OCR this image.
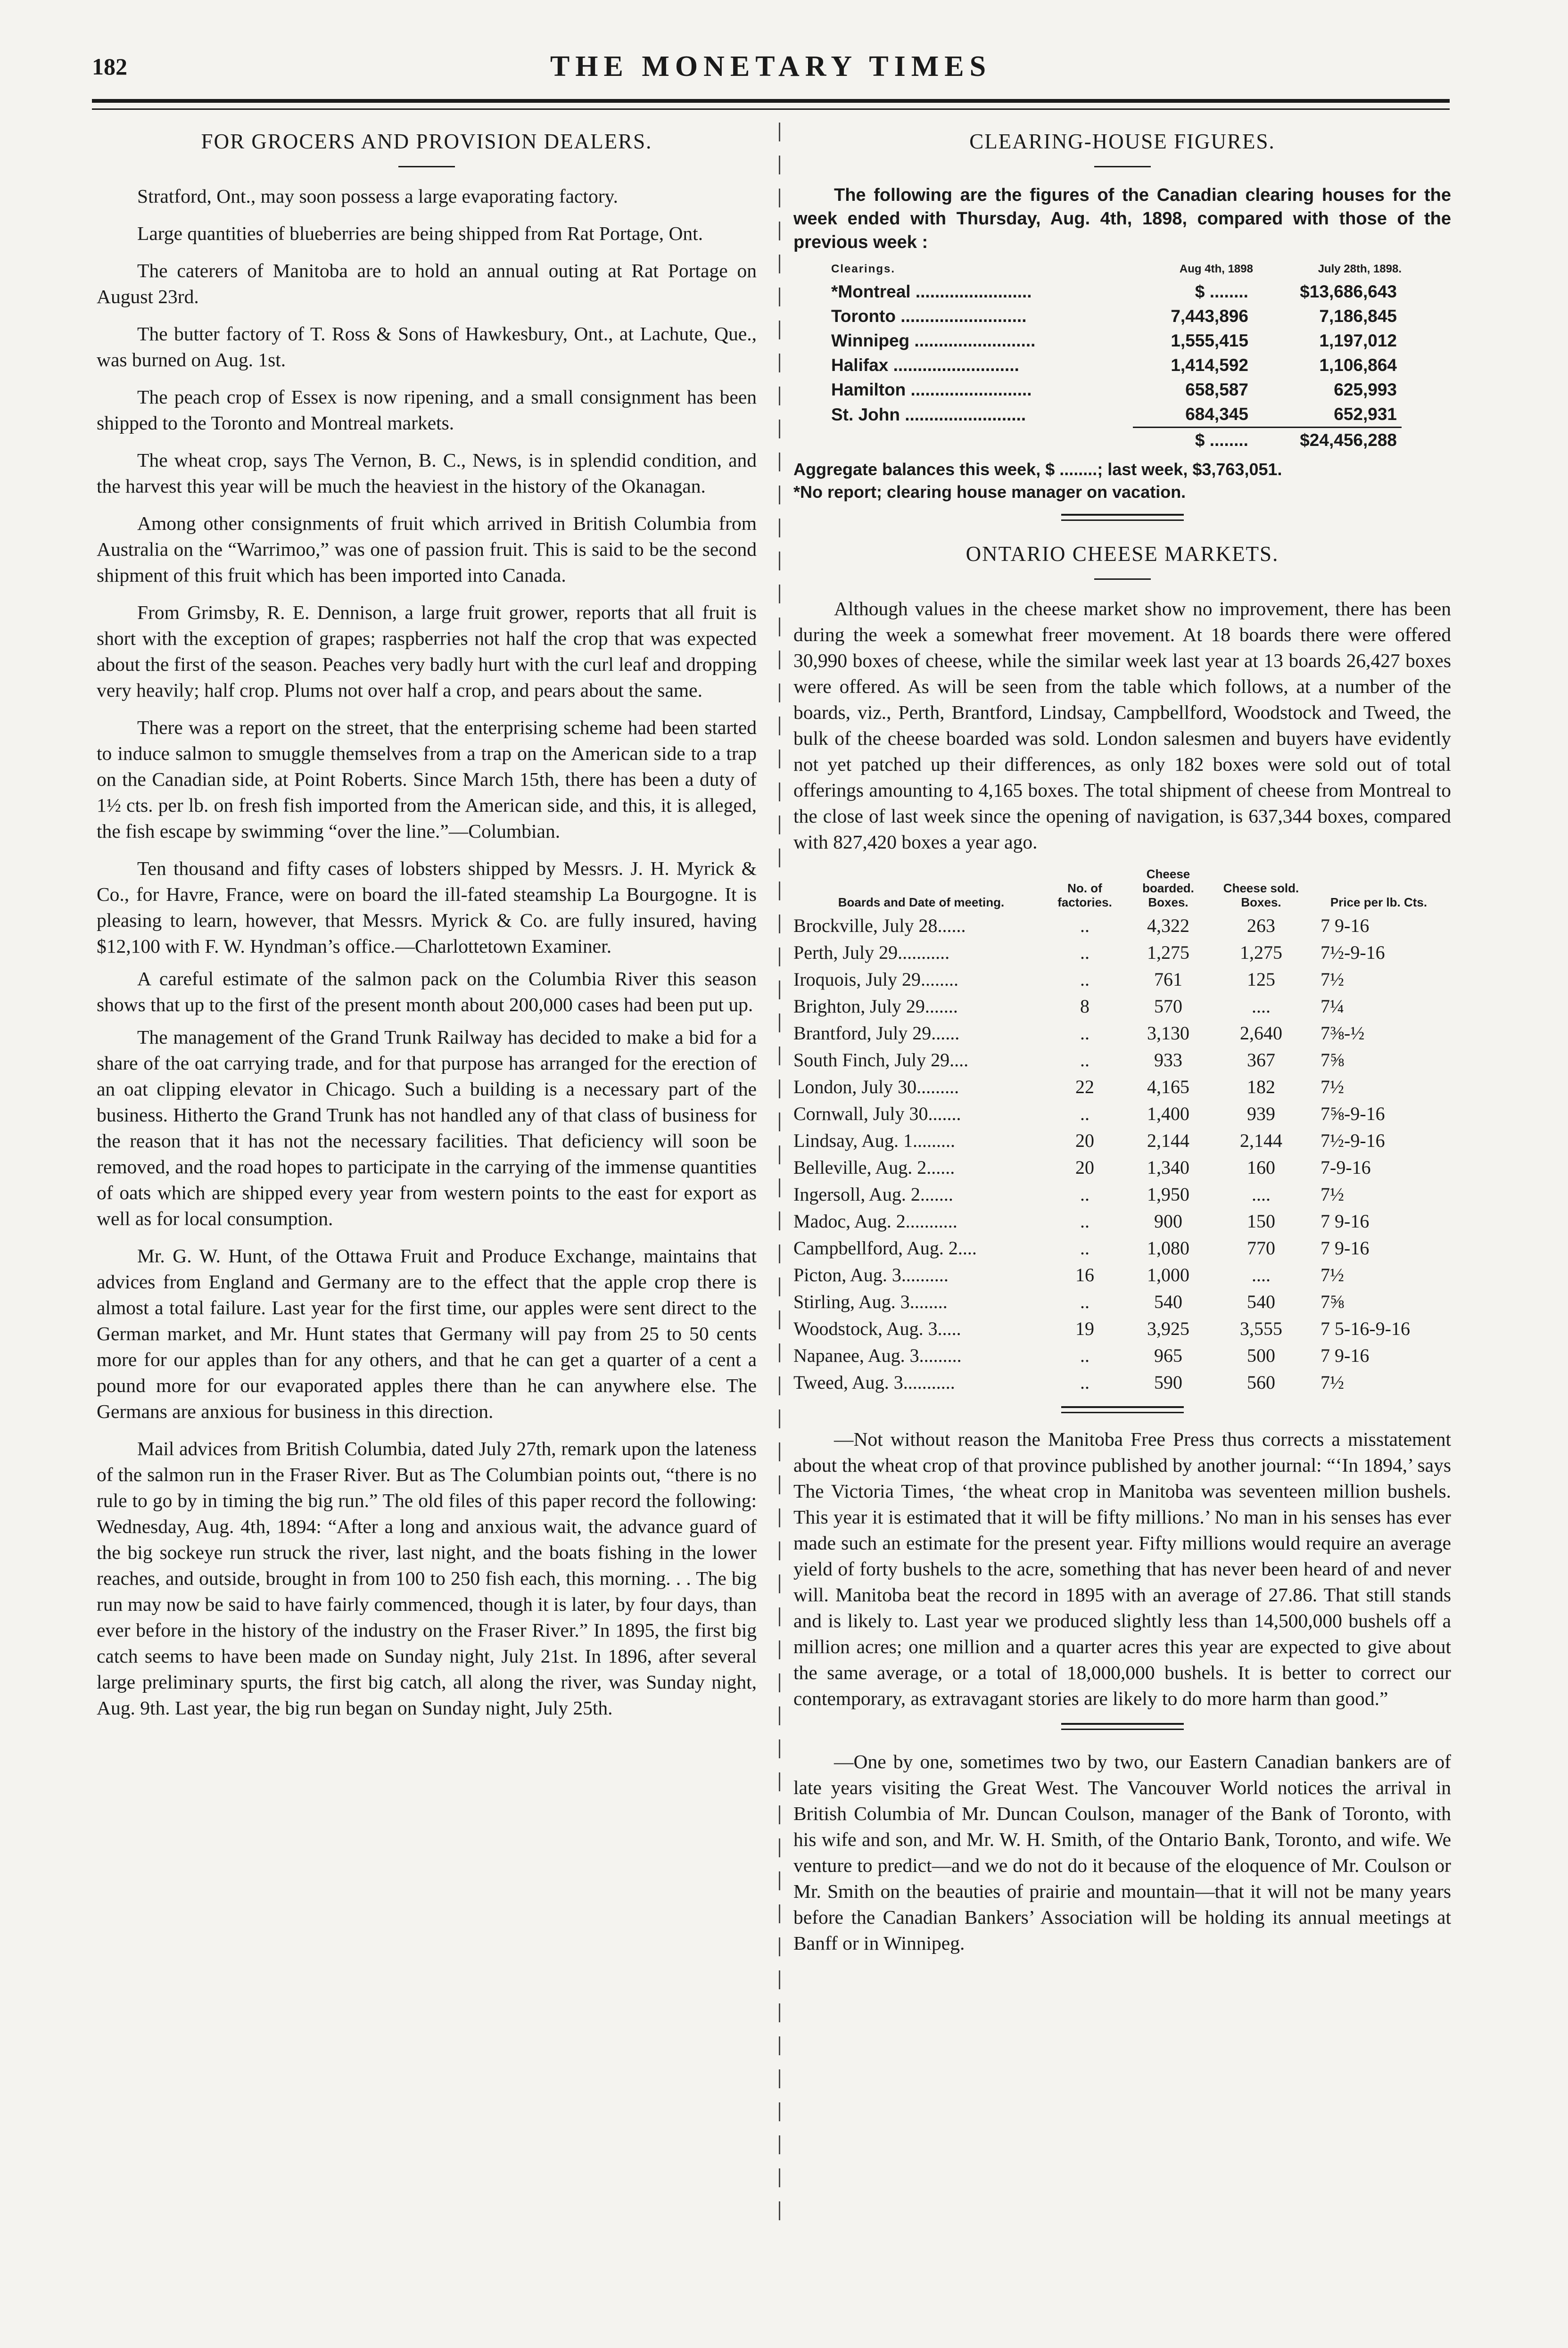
182	THE MONETARY TIMES
FOR GROCERS AND PROVISION DEALERS.

Stratford, Ont., may soon possess a large evaporating factory.

Large quantities of blueberries are being shipped from Rat Portage, Ont.

The caterers of Manitoba are to hold an annual outing at Rat Portage on August 23rd.

The butter factory of T. Ross & Sons of Hawkesbury, Ont., at Lachute, Que., was burned on Aug. 1st.

The peach crop of Essex is now ripening, and a small consignment has been shipped to the Toronto and Montreal markets.

The wheat crop, says The Vernon, B. C., News, is in splendid condition, and the harvest this year will be much the heaviest in the history of the Okanagan.

Among other consignments of fruit which arrived in British Columbia from Australia on the “Warrimoo,” was one of passion fruit. This is said to be the second shipment of this fruit which has been imported into Canada.

From Grimsby, R. E. Dennison, a large fruit grower, reports that all fruit is short with the exception of grapes; raspberries not half the crop that was expected about the first of the season. Peaches very badly hurt with the curl leaf and dropping very heavily; half crop. Plums not over half a crop, and pears about the same.

There was a report on the street, that the enterprising scheme had been started to induce salmon to smuggle themselves from a trap on the American side to a trap on the Canadian side, at Point Roberts. Since March 15th, there has been a duty of 1½ cts. per lb. on fresh fish imported from the American side, and this, it is alleged, the fish escape by swimming “over the line.”—Columbian.

Ten thousand and fifty cases of lobsters shipped by Messrs. J. H. Myrick & Co., for Havre, France, were on board the ill-fated steamship La Bourgogne. It is pleasing to learn, however, that Messrs. Myrick & Co. are fully insured, having $12,100 with F. W. Hyndman’s office.—Charlottetown Examiner.

A careful estimate of the salmon pack on the Columbia River this season shows that up to the first of the present month about 200,000 cases had been put up.

The management of the Grand Trunk Railway has decided to make a bid for a share of the oat carrying trade, and for that purpose has arranged for the erection of an oat clipping elevator in Chicago. Such a building is a necessary part of the business. Hitherto the Grand Trunk has not handled any of that class of business for the reason that it has not the necessary facilities. That deficiency will soon be removed, and the road hopes to participate in the carrying of the immense quantities of oats which are shipped every year from western points to the east for export as well as for local consumption.

Mr. G. W. Hunt, of the Ottawa Fruit and Produce Exchange, maintains that advices from England and Germany are to the effect that the apple crop there is almost a total failure. Last year for the first time, our apples were sent direct to the German market, and Mr. Hunt states that Germany will pay from 25 to 50 cents more for our apples than for any others, and that he can get a quarter of a cent a pound more for our evaporated apples there than he can anywhere else. The Germans are anxious for business in this direction.

Mail advices from British Columbia, dated July 27th, remark upon the lateness of the salmon run in the Fraser River. But as The Columbian points out, “there is no rule to go by in timing the big run.” The old files of this paper record the following: Wednesday, Aug. 4th, 1894: “After a long and anxious wait, the advance guard of the big sockeye run struck the river, last night, and the boats fishing in the lower reaches, and outside, brought in from 100 to 250 fish each, this morning. . . The big run may now be said to have fairly commenced, though it is later, by four days, than ever before in the history of the industry on the Fraser River.” In 1895, the first big catch seems to have been made on Sunday night, July 21st. In 1896, after several large preliminary spurts, the first big catch, all along the river, was Sunday night, Aug. 9th. Last year, the big run began on Sunday night, July 25th.

CLEARING-HOUSE FIGURES.

The following are the figures of the Canadian clearing houses for the week ended with Thursday, Aug. 4th, 1898, compared with those of the previous week :

Clearings.	Aug 4th, 1898	July 28th, 1898.
*Montreal ........................	$ ........	$13,686,643
Toronto ..........................	7,443,896	7,186,845
Winnipeg .........................	1,555,415	1,197,012
Halifax ..........................	1,414,592	1,106,864
Hamilton .........................	658,587	625,993
St. John .........................	684,345	652,931
	$ ........	$24,456,288

Aggregate balances this week, $ ........; last week, $3,763,051.

*No report; clearing house manager on vacation.

ONTARIO CHEESE MARKETS.

Although values in the cheese market show no improvement, there has been during the week a somewhat freer movement. At 18 boards there were offered 30,990 boxes of cheese, while the similar week last year at 13 boards 26,427 boxes were offered. As will be seen from the table which follows, at a number of the boards, viz., Perth, Brantford, Lindsay, Campbellford, Woodstock and Tweed, the bulk of the cheese boarded was sold. London salesmen and buyers have evidently not yet patched up their differences, as only 182 boxes were sold out of total offerings amounting to 4,165 boxes. The total shipment of cheese from Montreal to the close of last week since the opening of navigation, is 637,344 boxes, compared with 827,420 boxes a year ago.

Boards and Date of meeting.	No. of factories.	Cheese boarded. Boxes.	Cheese sold. Boxes.	Price per lb. Cts.
Brockville, July 28......	..	4,322	263	7 9-16
Perth, July 29...........	..	1,275	1,275	7½-9-16
Iroquois, July 29........	..	761	125	7½
Brighton, July 29.......	8	570	....	7¼
Brantford, July 29......	..	3,130	2,640	7⅜-½
South Finch, July 29....	..	933	367	7⅝
London, July 30.........	22	4,165	182	7½
Cornwall, July 30.......	..	1,400	939	7⅝-9-16
Lindsay, Aug. 1.........	20	2,144	2,144	7½-9-16
Belleville, Aug. 2......	20	1,340	160	7-9-16
Ingersoll, Aug. 2.......	..	1,950	....	7½
Madoc, Aug. 2...........	..	900	150	7 9-16
Campbellford, Aug. 2....	..	1,080	770	7 9-16
Picton, Aug. 3..........	16	1,000	....	7½
Stirling, Aug. 3........	..	540	540	7⅝
Woodstock, Aug. 3.....	19	3,925	3,555	7 5-16-9-16
Napanee, Aug. 3.........	..	965	500	7 9-16
Tweed, Aug. 3...........	..	590	560	7½

—Not without reason the Manitoba Free Press thus corrects a misstatement about the wheat crop of that province published by another journal: “‘In 1894,’ says The Victoria Times, ‘the wheat crop in Manitoba was seventeen million bushels. This year it is estimated that it will be fifty millions.’ No man in his senses has ever made such an estimate for the present year. Fifty millions would require an average yield of forty bushels to the acre, something that has never been heard of and never will. Manitoba beat the record in 1895 with an average of 27.86. That still stands and is likely to. Last year we produced slightly less than 14,500,000 bushels off a million acres; one million and a quarter acres this year are expected to give about the same average, or a total of 18,000,000 bushels. It is better to correct our contemporary, as extravagant stories are likely to do more harm than good.”

—One by one, sometimes two by two, our Eastern Canadian bankers are of late years visiting the Great West. The Vancouver World notices the arrival in British Columbia of Mr. Duncan Coulson, manager of the Bank of Toronto, with his wife and son, and Mr. W. H. Smith, of the Ontario Bank, Toronto, and wife. We venture to predict—and we do not do it because of the eloquence of Mr. Coulson or Mr. Smith on the beauties of prairie and mountain—that it will not be many years before the Canadian Bankers’ Association will be holding its annual meetings at Banff or in Winnipeg.
